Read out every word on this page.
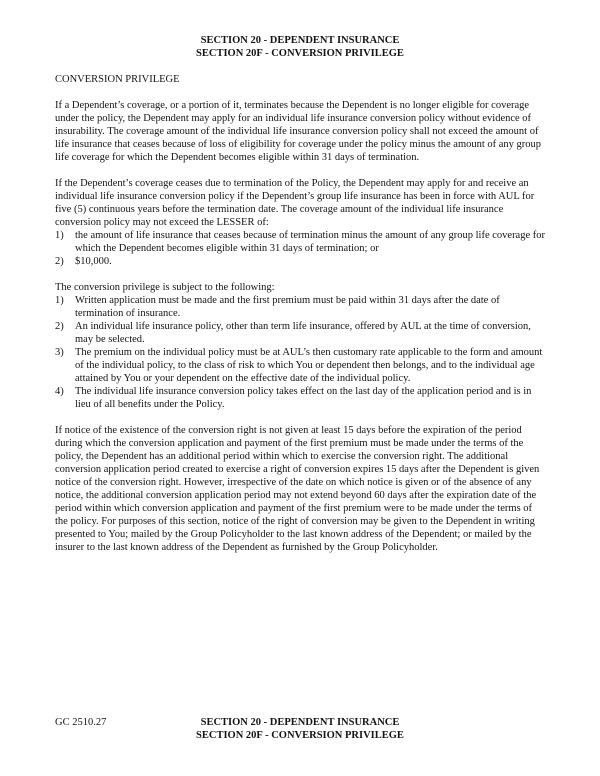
SECTION 20 - DEPENDENT INSURANCE
SECTION 20F - CONVERSION PRIVILEGE
CONVERSION PRIVILEGE

If a Dependent’s coverage, or a portion of it, terminates because the Dependent is no longer eligible for coverage under the policy, the Dependent may apply for an individual life insurance conversion policy without evidence of insurability. The coverage amount of the individual life insurance conversion policy shall not exceed the amount of life insurance that ceases because of loss of eligibility for coverage under the policy minus the amount of any group life coverage for which the Dependent becomes eligible within 31 days of termination.

If the Dependent’s coverage ceases due to termination of the Policy, the Dependent may apply for and receive an individual life insurance conversion policy if the Dependent’s group life insurance has been in force with AUL for five (5) continuous years before the termination date. The coverage amount of the individual life insurance conversion policy may not exceed the LESSER of:

1)	the amount of life insurance that ceases because of termination minus the amount of any group life coverage for which the Dependent becomes eligible within 31 days of termination; or
2)	$10,000.

The conversion privilege is subject to the following:

1)	Written application must be made and the first premium must be paid within 31 days after the date of termination of insurance.
2)	An individual life insurance policy, other than term life insurance, offered by AUL at the time of conversion, may be selected.
3)	The premium on the individual policy must be at AUL’s then customary rate applicable to the form and amount of the individual policy, to the class of risk to which You or dependent then belongs, and to the individual age attained by You or your dependent on the effective date of the individual policy.
4)	The individual life insurance conversion policy takes effect on the last day of the application period and is in lieu of all benefits under the Policy.

If notice of the existence of the conversion right is not given at least 15 days before the expiration of the period during which the conversion application and payment of the first premium must be made under the terms of the policy, the Dependent has an additional period within which to exercise the conversion right. The additional conversion application period created to exercise a right of conversion expires 15 days after the Dependent is given notice of the conversion right. However, irrespective of the date on which notice is given or of the absence of any notice, the additional conversion application period may not extend beyond 60 days after the expiration date of the period within which conversion application and payment of the first premium were to be made under the terms of the policy. For purposes of this section, notice of the right of conversion may be given to the Dependent in writing presented to You; mailed by the Group Policyholder to the last known address of the Dependent; or mailed by the insurer to the last known address of the Dependent as furnished by the Group Policyholder.

GC 2510.27	SECTION 20 - DEPENDENT INSURANCE
SECTION 20F - CONVERSION PRIVILEGE
